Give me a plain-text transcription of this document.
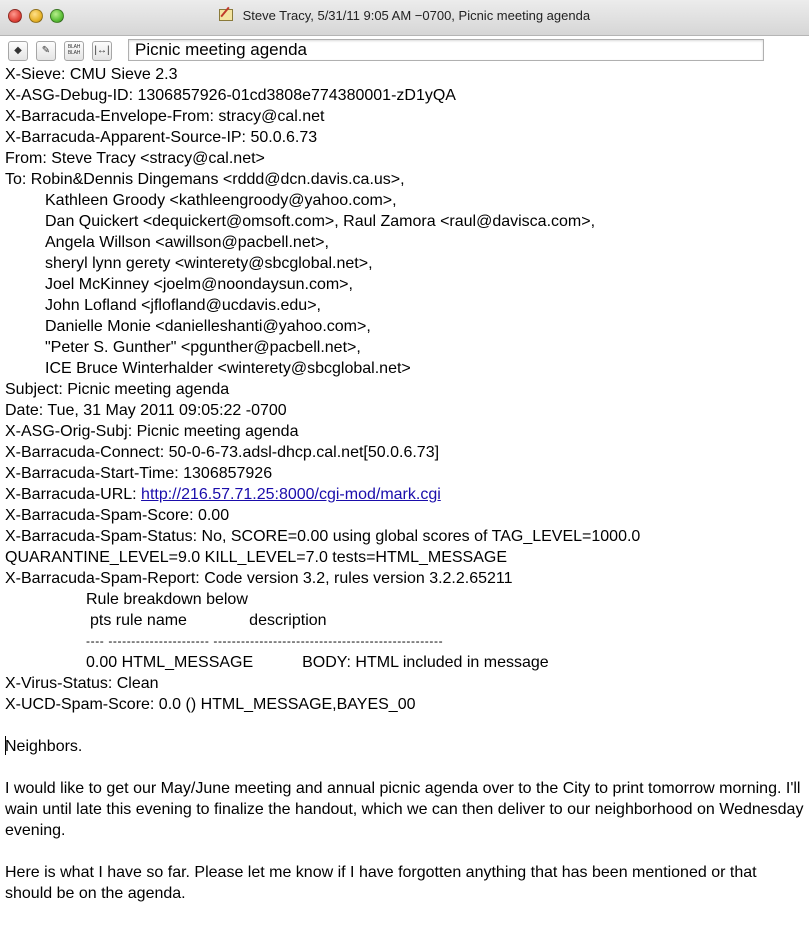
Steve Tracy, 5/31/11 9:05 AM −0700, Picnic meeting agenda
◆	✎	BLAH BLAH	|↔|
Picnic meeting agenda
X-Sieve: CMU Sieve 2.3
X-ASG-Debug-ID: 1306857926-01cd3808e774380001-zD1yQA
X-Barracuda-Envelope-From: stracy@cal.net
X-Barracuda-Apparent-Source-IP: 50.0.6.73
From: Steve Tracy <stracy@cal.net>
To: Robin&Dennis Dingemans <rddd@dcn.davis.ca.us>,
Kathleen Groody <kathleengroody@yahoo.com>,
Dan Quickert <dequickert@omsoft.com>, Raul Zamora <raul@davisca.com>,
Angela Willson <awillson@pacbell.net>,
sheryl lynn gerety <winterety@sbcglobal.net>,
Joel McKinney <joelm@noondaysun.com>,
John Lofland <jflofland@ucdavis.edu>,
Danielle Monie <danielleshanti@yahoo.com>,
"Peter S. Gunther" <pgunther@pacbell.net>,
ICE Bruce Winterhalder <winterety@sbcglobal.net>
Subject: Picnic meeting agenda
Date: Tue, 31 May 2011 09:05:22 -0700
X-ASG-Orig-Subj: Picnic meeting agenda
X-Barracuda-Connect: 50-0-6-73.adsl-dhcp.cal.net[50.0.6.73]
X-Barracuda-Start-Time: 1306857926
X-Barracuda-URL: http://216.57.71.25:8000/cgi-mod/mark.cgi
X-Barracuda-Spam-Score: 0.00
X-Barracuda-Spam-Status: No, SCORE=0.00 using global scores of TAG_LEVEL=1000.0
QUARANTINE_LEVEL=9.0 KILL_LEVEL=7.0 tests=HTML_MESSAGE
X-Barracuda-Spam-Report: Code version 3.2, rules version 3.2.2.65211
Rule breakdown below
pts rule name              description
---- ---------------------- --------------------------------------------------
0.00 HTML_MESSAGE           BODY: HTML included in message
X-Virus-Status: Clean
X-UCD-Spam-Score: 0.0 () HTML_MESSAGE,BAYES_00
Neighbors.
I would like to get our May/June meeting and annual picnic agenda over to the City to print tomorrow morning. I'll wain until late this evening to finalize the handout, which we can then deliver to our neighborhood on Wednesday evening.
Here is what I have so far. Please let me know if I have forgotten anything that has been mentioned or that should be on the agenda.
